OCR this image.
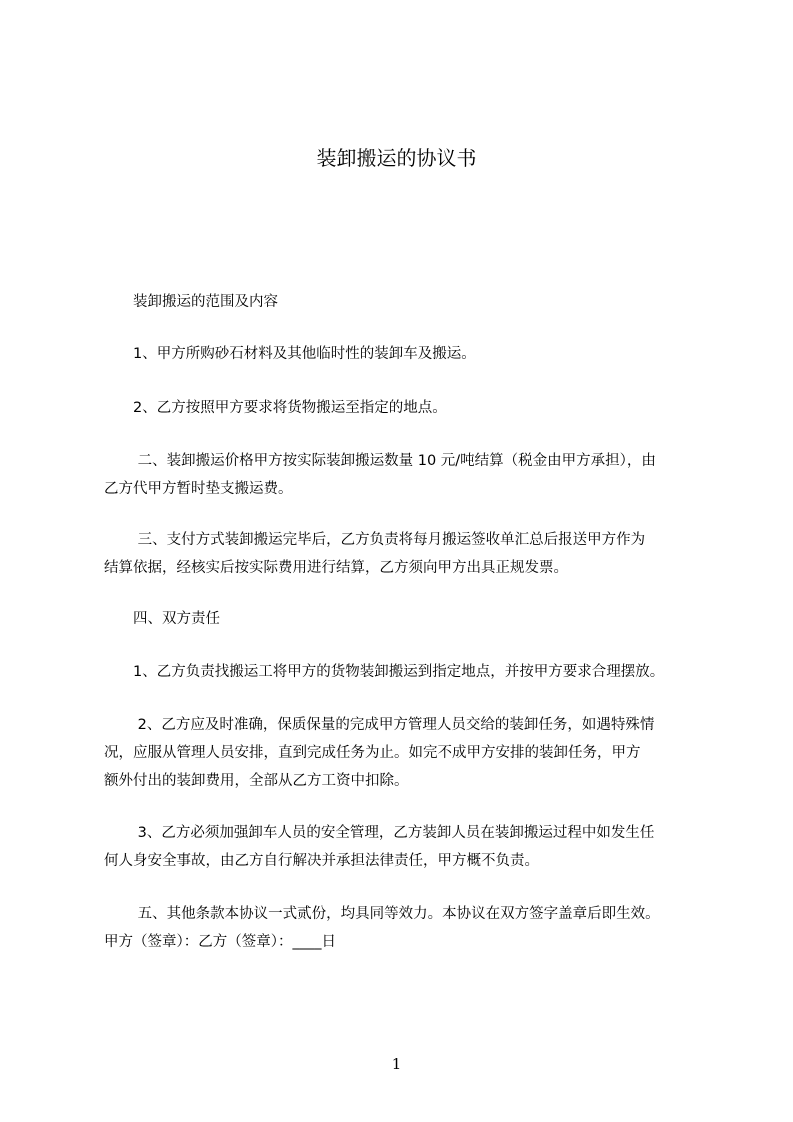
装卸搬运的协议书
　　装卸搬运的范围及内容
　　1、甲方所购砂石材料及其他临时性的装卸车及搬运。
　　2、乙方按照甲方要求将货物搬运至指定的地点。
　　 二、装卸搬运价格甲方按实际装卸搬运数量 10 元/吨结算（税金由甲方承担），由
乙方代甲方暂时垫支搬运费。
　　 三、支付方式装卸搬运完毕后，乙方负责将每月搬运签收单汇总后报送甲方作为
结算依据，经核实后按实际费用进行结算，乙方须向甲方出具正规发票。
　　四、双方责任
　　1、乙方负责找搬运工将甲方的货物装卸搬运到指定地点，并按甲方要求合理摆放。
　　 2、乙方应及时准确，保质保量的完成甲方管理人员交给的装卸任务，如遇特殊情
况，应服从管理人员安排，直到完成任务为止。如完不成甲方安排的装卸任务，甲方
额外付出的装卸费用，全部从乙方工资中扣除。
　　 3、乙方必须加强卸车人员的安全管理，乙方装卸人员在装卸搬运过程中如发生任
何人身安全事故，由乙方自行解决并承担法律责任，甲方概不负责。
　　 五、其他条款本协议一式贰份，均具同等效力。本协议在双方签字盖章后即生效。
甲方（签章）：乙方（签章）：____日
1
